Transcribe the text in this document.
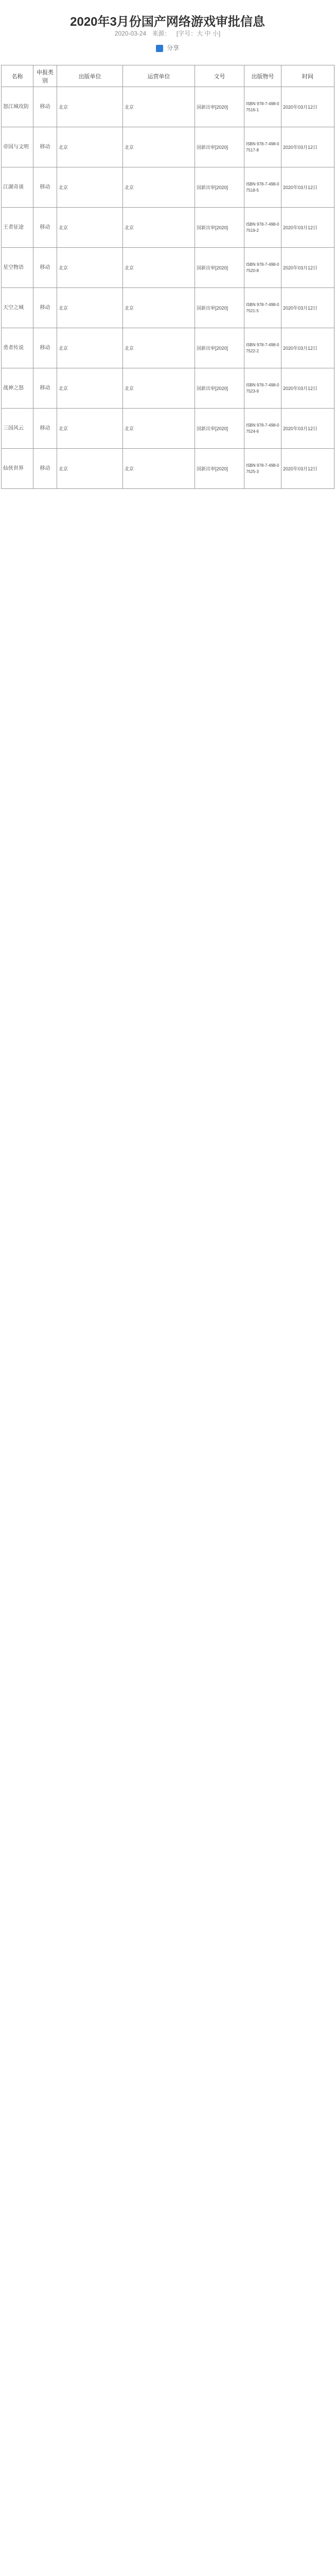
2020年3月份国产网络游戏审批信息
2020-03-24 来源： [字号：大 中 小]
分享
名称	申报类别	出版单位	运营单位	文号	出版物号	时间
怒江城攻防	移动	北京	北京	国新出审[2020]	ISBN 978-7-498-07516-1	2020年03月12日
帝国与文明	移动	北京	北京	国新出审[2020]	ISBN 978-7-498-07517-8	2020年03月12日
江湖奇谈	移动	北京	北京	国新出审[2020]	ISBN 978-7-498-07518-5	2020年03月12日
王者征途	移动	北京	北京	国新出审[2020]	ISBN 978-7-498-07519-2	2020年03月12日
星空物语	移动	北京	北京	国新出审[2020]	ISBN 978-7-498-07520-8	2020年03月12日
天空之城	移动	北京	北京	国新出审[2020]	ISBN 978-7-498-07521-5	2020年03月12日
勇者传说	移动	北京	北京	国新出审[2020]	ISBN 978-7-498-07522-2	2020年03月12日
战神之怒	移动	北京	北京	国新出审[2020]	ISBN 978-7-498-07523-9	2020年03月12日
三国风云	移动	北京	北京	国新出审[2020]	ISBN 978-7-498-07524-6	2020年03月12日
仙侠世界	移动	北京	北京	国新出审[2020]	ISBN 978-7-498-07525-3	2020年03月12日
